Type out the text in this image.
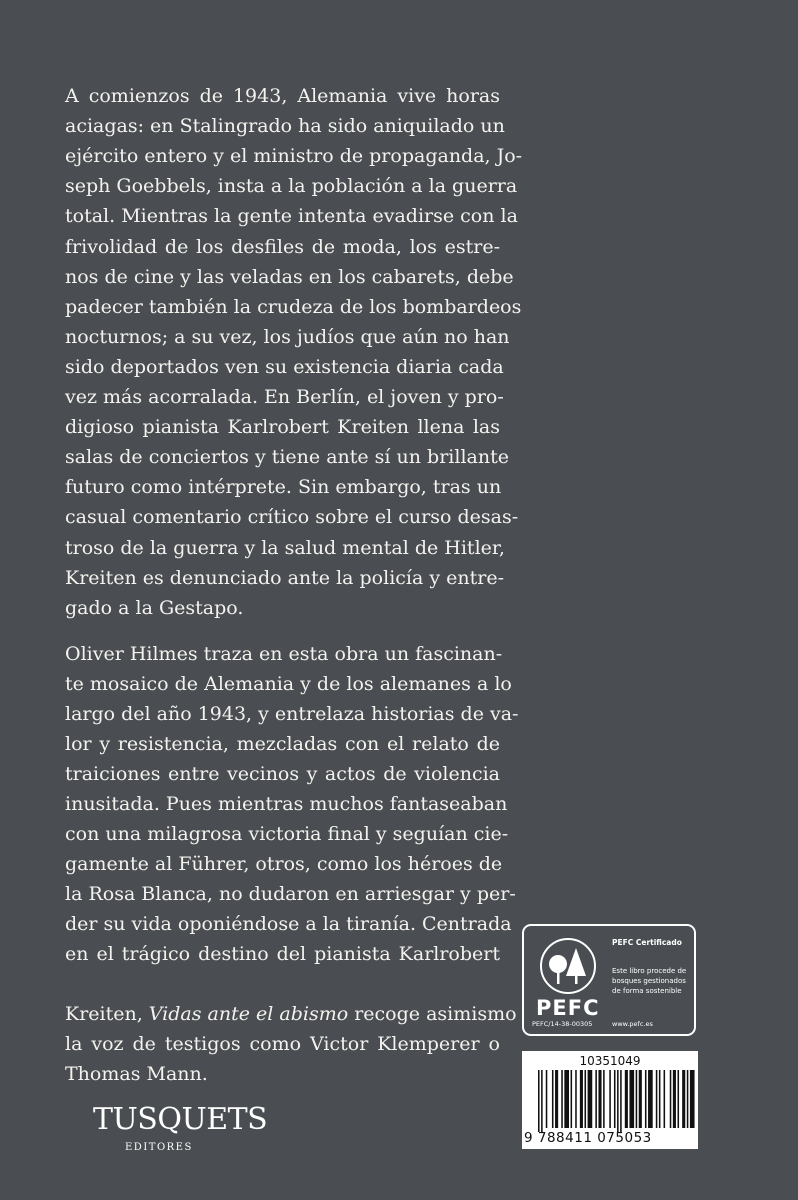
A comienzos de 1943, Alemania vive horas
aciagas: en Stalingrado ha sido aniquilado un
ejército entero y el ministro de propaganda, Jo-
seph Goebbels, insta a la población a la guerra
total. Mientras la gente intenta evadirse con la
frivolidad de los desfiles de moda, los estre-
nos de cine y las veladas en los cabarets, debe
padecer también la crudeza de los bombardeos
nocturnos; a su vez, los judíos que aún no han
sido deportados ven su existencia diaria cada
vez más acorralada. En Berlín, el joven y pro-
digioso pianista Karlrobert Kreiten llena las
salas de conciertos y tiene ante sí un brillante
futuro como intérprete. Sin embargo, tras un
casual comentario crítico sobre el curso desas-
troso de la guerra y la salud mental de Hitler,
Kreiten es denunciado ante la policía y entre-
gado a la Gestapo.
Oliver Hilmes traza en esta obra un fascinan-
te mosaico de Alemania y de los alemanes a lo
largo del año 1943, y entrelaza historias de va-
lor y resistencia, mezcladas con el relato de
traiciones entre vecinos y actos de violencia
inusitada. Pues mientras muchos fantaseaban
con una milagrosa victoria final y seguían cie-
gamente al Führer, otros, como los héroes de
la Rosa Blanca, no dudaron en arriesgar y per-
der su vida oponiéndose a la tiranía. Centrada
en el trágico destino del pianista Karlrobert
Kreiten, Vidas ante el abismo recoge asimismo
la voz de testigos como Victor Klemperer o
Thomas Mann.
PEFC
PEFC Certificado
Este libro procede de bosques gestionados de forma sostenible
PEFC/14-38-00305	www.pefc.es
10351049
9 788411 075053
TUSQUETS
EDITORES
